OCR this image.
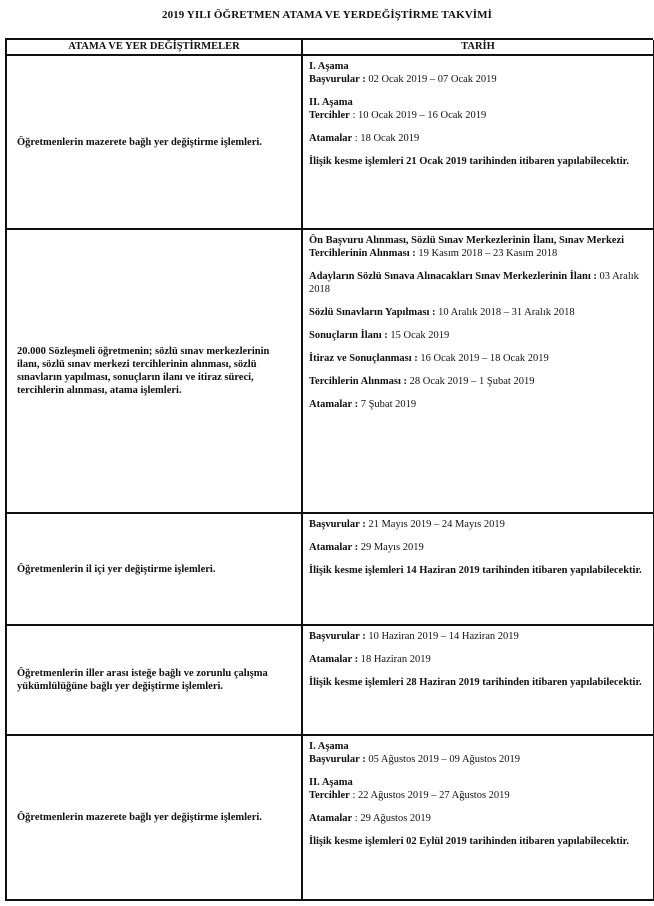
2019 YILI ÖĞRETMEN ATAMA VE YERDEĞİŞTİRME TAKVİMİ
ATAMA VE YER DEĞİŞTİRMELER	TARİH
Öğretmenlerin mazerete bağlı yer değiştirme işlemleri.
I. Aşama
Başvurular : 02 Ocak 2019 – 07 Ocak 2019
II. Aşama
Tercihler : 10 Ocak 2019 – 16 Ocak 2019
Atamalar : 18 Ocak 2019
İlişik kesme işlemleri 21 Ocak 2019 tarihinden itibaren yapılabilecektir.
20.000 Sözleşmeli öğretmenin; sözlü sınav merkezlerinin ilanı, sözlü sınav merkezi tercihlerinin alınması, sözlü sınavların yapılması, sonuçların ilanı ve itiraz süreci, tercihlerin alınması, atama işlemleri.
Ön Başvuru Alınması, Sözlü Sınav Merkezlerinin İlanı, Sınav Merkezi Tercihlerinin Alınması : 19 Kasım 2018 – 23 Kasım 2018
Adayların Sözlü Sınava Alınacakları Sınav Merkezlerinin İlanı : 03 Aralık 2018
Sözlü Sınavların Yapılması : 10 Aralık 2018 – 31 Aralık 2018
Sonuçların İlanı : 15 Ocak 2019
İtiraz ve Sonuçlanması : 16 Ocak 2019 – 18 Ocak 2019
Tercihlerin Alınması : 28 Ocak 2019 – 1 Şubat 2019
Atamalar : 7 Şubat 2019
Öğretmenlerin il içi yer değiştirme işlemleri.
Başvurular : 21 Mayıs 2019 – 24 Mayıs 2019
Atamalar : 29 Mayıs 2019
İlişik kesme işlemleri 14 Haziran 2019 tarihinden itibaren yapılabilecektir.
Öğretmenlerin iller arası isteğe bağlı ve zorunlu çalışma yükümlülüğüne bağlı yer değiştirme işlemleri.
Başvurular : 10 Haziran 2019 – 14 Haziran 2019
Atamalar : 18 Haziran 2019
İlişik kesme işlemleri 28 Haziran 2019 tarihinden itibaren yapılabilecektir.
Öğretmenlerin mazerete bağlı yer değiştirme işlemleri.
I. Aşama
Başvurular : 05 Ağustos 2019 – 09 Ağustos 2019
II. Aşama
Tercihler : 22 Ağustos 2019 – 27 Ağustos 2019
Atamalar : 29 Ağustos 2019
İlişik kesme işlemleri 02 Eylül 2019 tarihinden itibaren yapılabilecektir.
